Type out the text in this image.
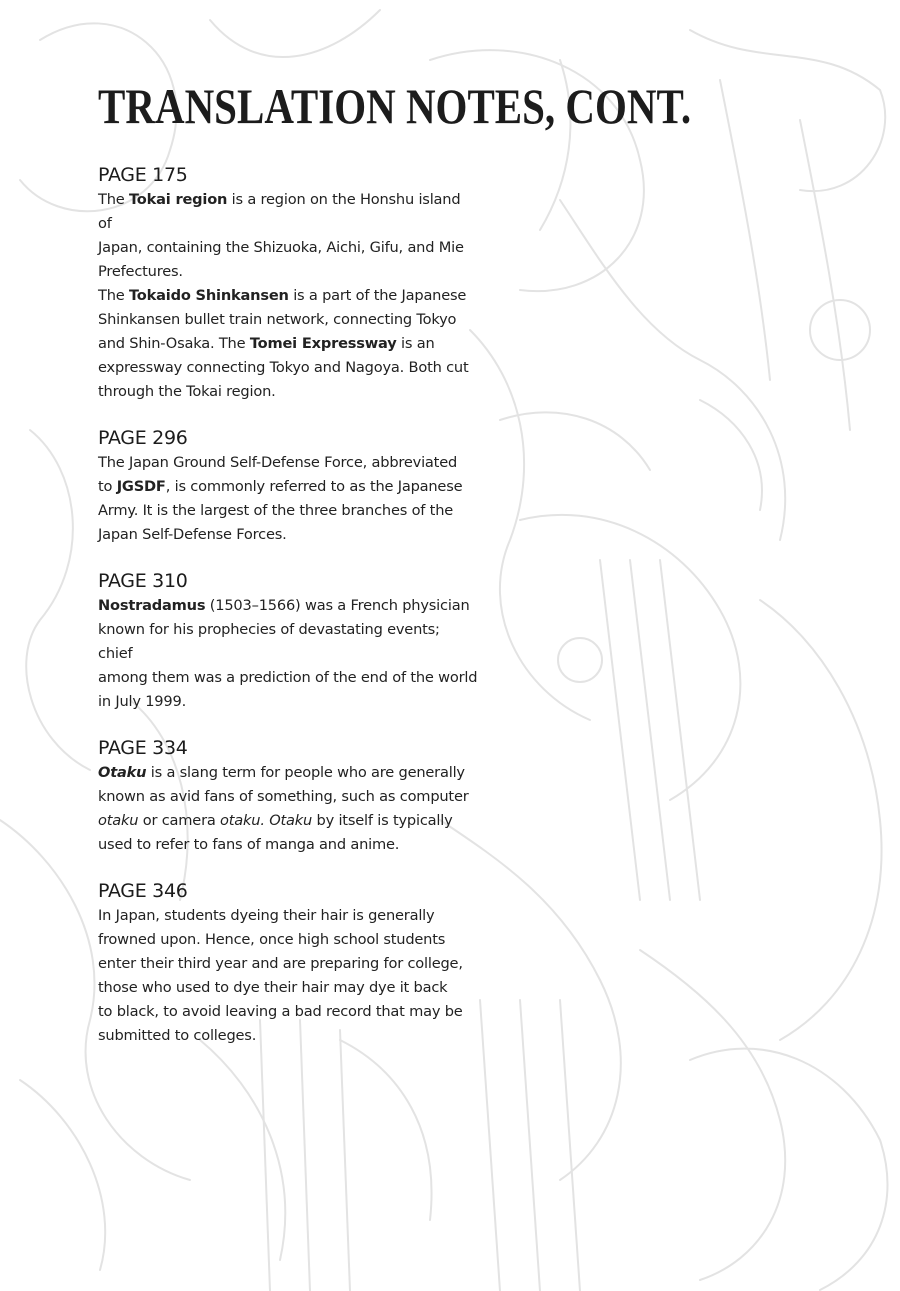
TRANSLATION NOTES, CONT.
PAGE 175

The Tokai region is a region on the Honshu island of
Japan, containing the Shizuoka, Aichi, Gifu, and Mie
Prefectures.
The Tokaido Shinkansen is a part of the Japanese
Shinkansen bullet train network, connecting Tokyo
and Shin-Osaka. The Tomei Expressway is an
expressway connecting Tokyo and Nagoya. Both cut
through the Tokai region.

PAGE 296

The Japan Ground Self-Defense Force, abbreviated
to JGSDF, is commonly referred to as the Japanese
Army. It is the largest of the three branches of the
Japan Self-Defense Forces.

PAGE 310

Nostradamus (1503–1566) was a French physician
known for his prophecies of devastating events; chief
among them was a prediction of the end of the world
in July 1999.

PAGE 334

Otaku is a slang term for people who are generally
known as avid fans of something, such as computer
otaku or camera otaku. Otaku by itself is typically
used to refer to fans of manga and anime.

PAGE 346

In Japan, students dyeing their hair is generally
frowned upon. Hence, once high school students
enter their third year and are preparing for college,
those who used to dye their hair may dye it back
to black, to avoid leaving a bad record that may be
submitted to colleges.
